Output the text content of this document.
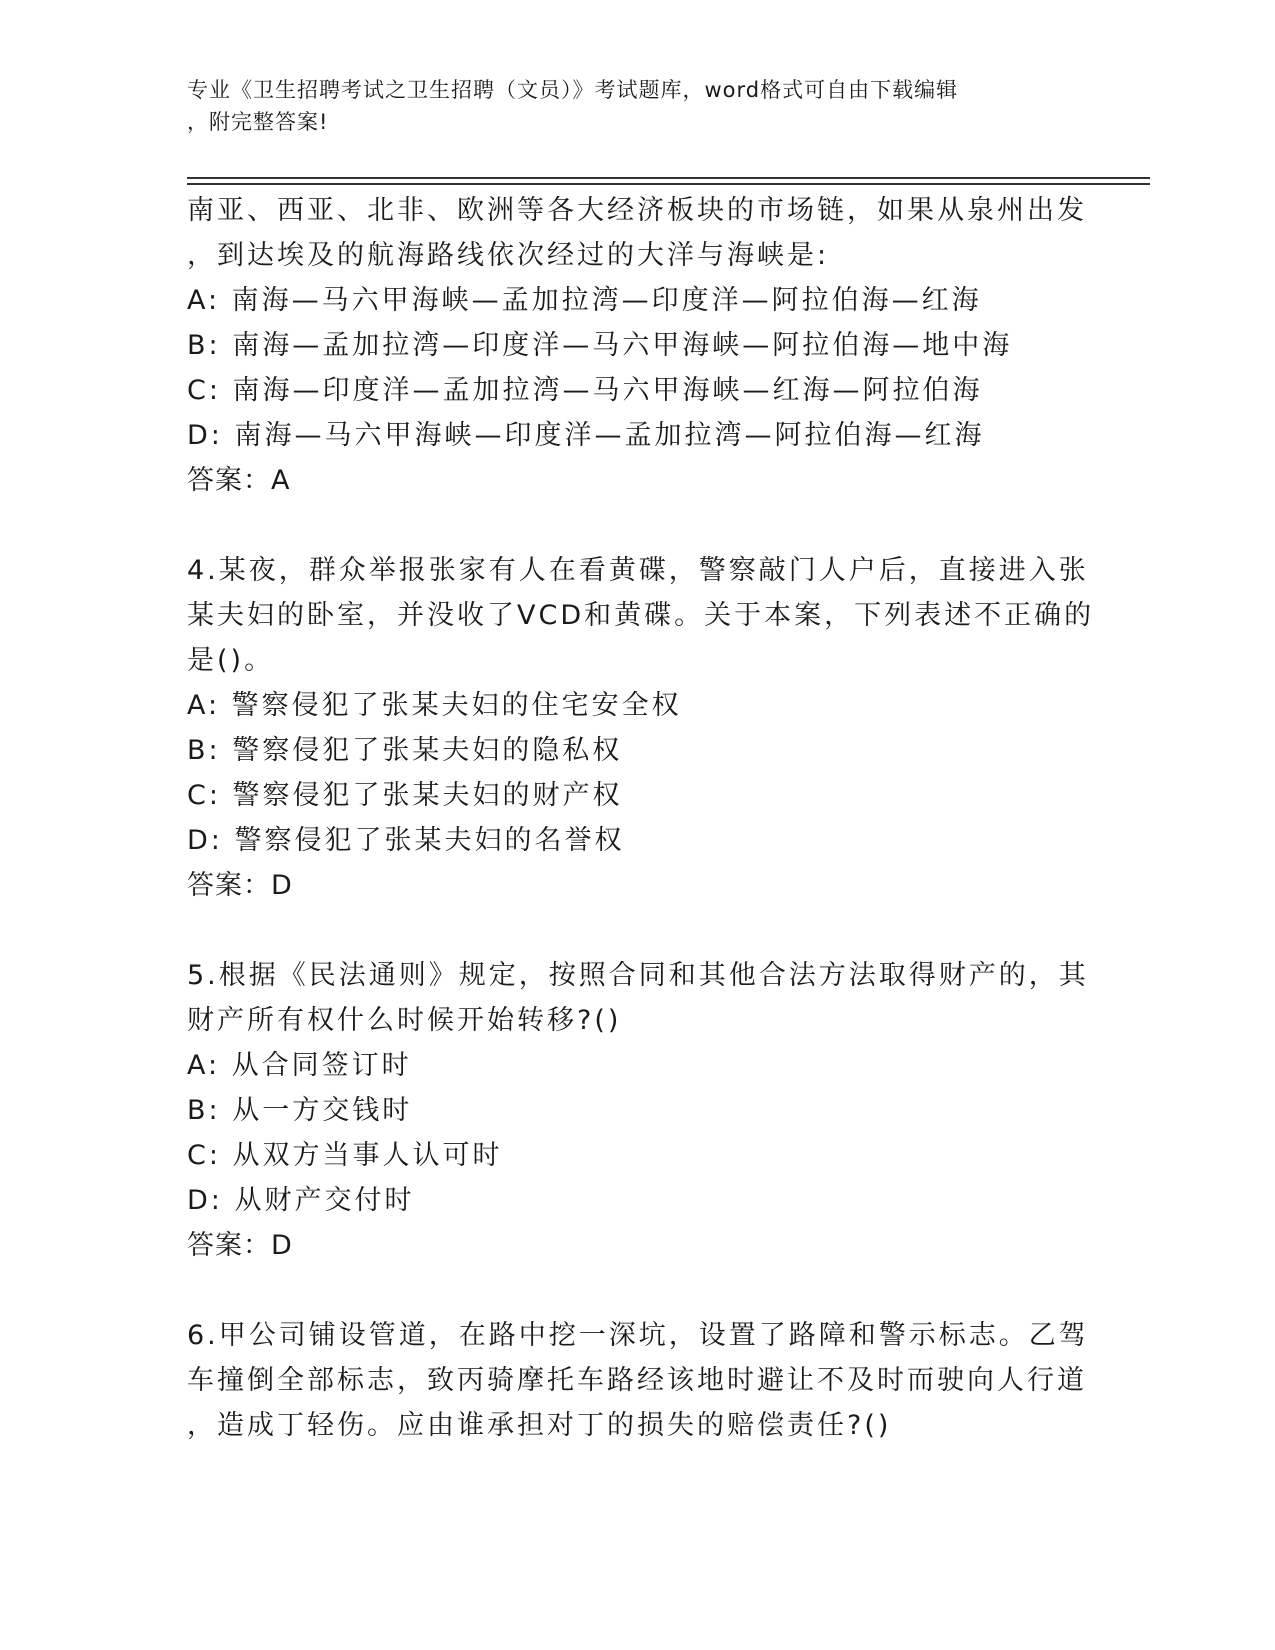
专业《卫生招聘考试之卫生招聘（文员）》考试题库，word格式可自由下载编辑
，附完整答案!
南亚、西亚、北非、欧洲等各大经济板块的市场链，如果从泉州出发
，到达埃及的航海路线依次经过的大洋与海峡是:
A: 南海—马六甲海峡—孟加拉湾—印度洋—阿拉伯海—红海
B: 南海—孟加拉湾—印度洋—马六甲海峡—阿拉伯海—地中海
C: 南海—印度洋—孟加拉湾—马六甲海峡—红海—阿拉伯海
D: 南海—马六甲海峡—印度洋—孟加拉湾—阿拉伯海—红海
答案：A
4.某夜，群众举报张家有人在看黄碟，警察敲门人户后，直接进入张
某夫妇的卧室，并没收了VCD和黄碟。关于本案，下列表述不正确的
是()。
A: 警察侵犯了张某夫妇的住宅安全权
B: 警察侵犯了张某夫妇的隐私权
C: 警察侵犯了张某夫妇的财产权
D: 警察侵犯了张某夫妇的名誉权
答案：D
5.根据《民法通则》规定，按照合同和其他合法方法取得财产的，其
财产所有权什么时候开始转移?()
A: 从合同签订时
B: 从一方交钱时
C: 从双方当事人认可时
D: 从财产交付时
答案：D
6.甲公司铺设管道，在路中挖一深坑，设置了路障和警示标志。乙驾
车撞倒全部标志，致丙骑摩托车路经该地时避让不及时而驶向人行道
，造成丁轻伤。应由谁承担对丁的损失的赔偿责任?()
